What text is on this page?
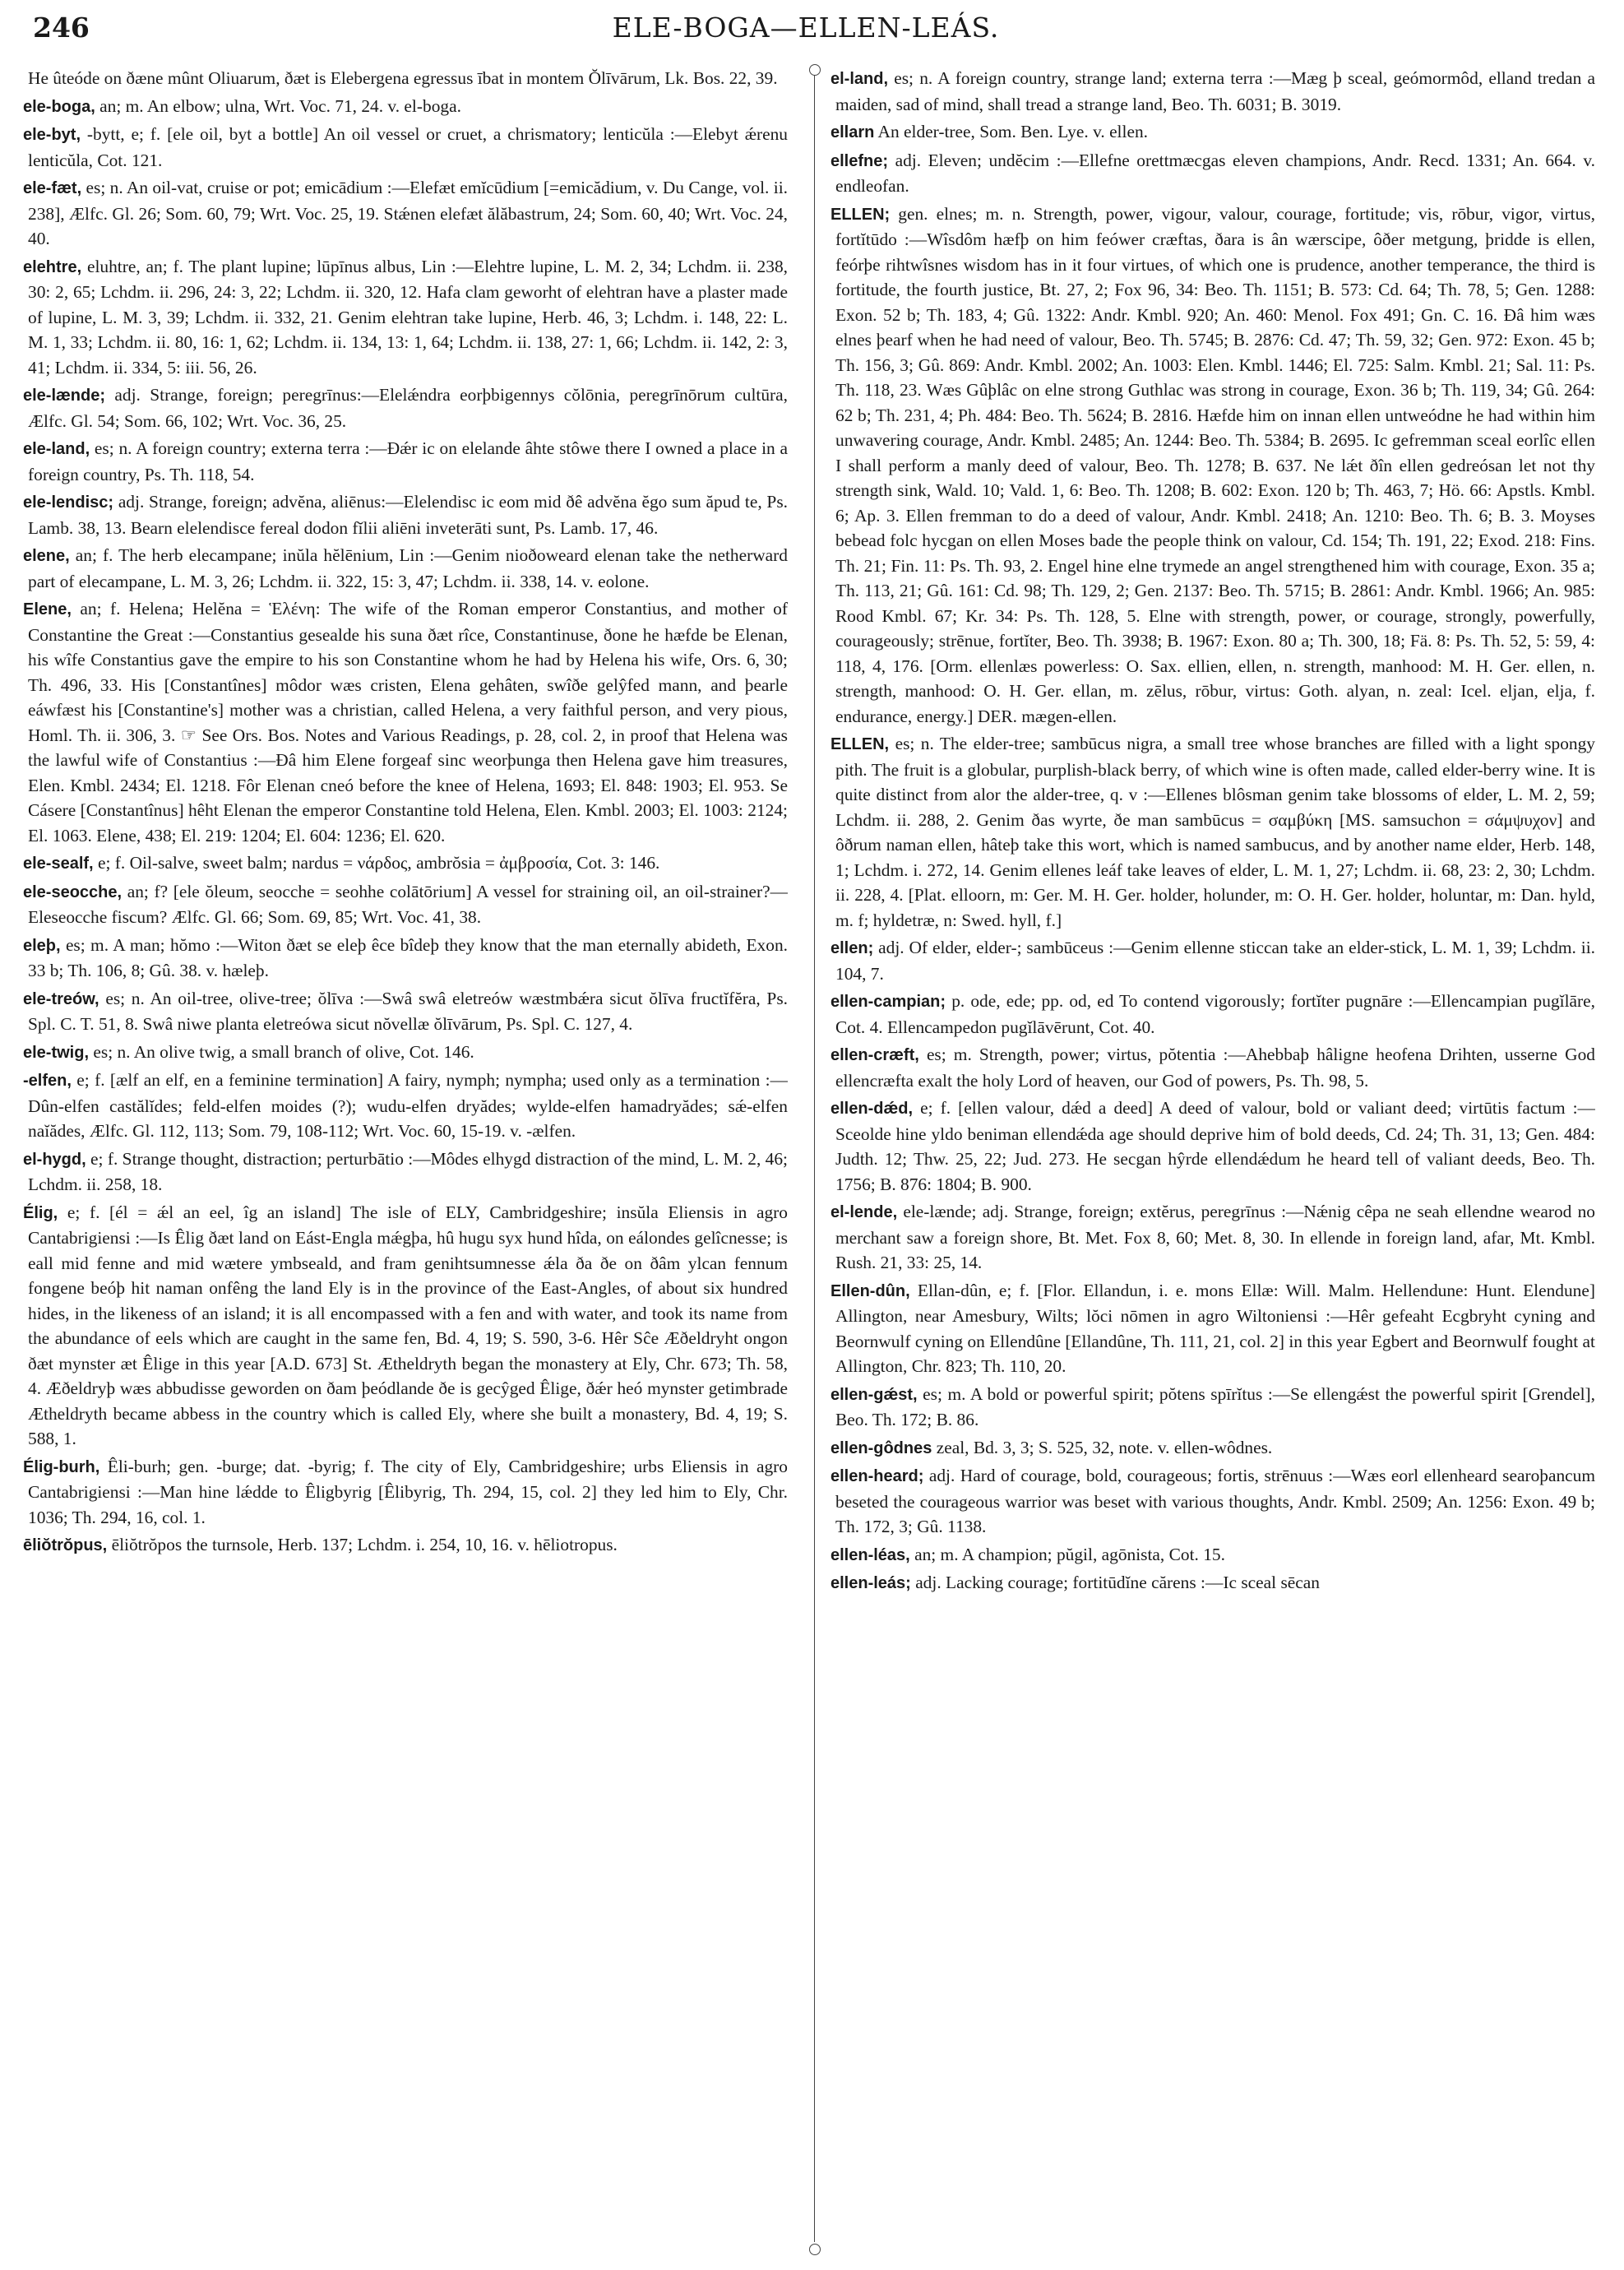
246	ELE-BOGA—ELLEN-LEÁS.

He ûteóde on ðæne mûnt Oliuarum, ðæt is Elebergena egressus ībat in montem Ŏlīvārum, Lk. Bos. 22, 39.

ele-boga, an; m. An elbow; ulna, Wrt. Voc. 71, 24. v. el-boga.

ele-byt, -bytt, e; f. [ele oil, byt a bottle] An oil vessel or cruet, a chrismatory; lenticŭla :—Elebyt ǽrenu lenticŭla, Cot. 121.

ele-fæt, es; n. An oil-vat, cruise or pot; emicādium :—Elefæt emĭcūdium [=emicădium, v. Du Cange, vol. ii. 238], Ælfc. Gl. 26; Som. 60, 79; Wrt. Voc. 25, 19. Stǽnen elefæt ălăbastrum, 24; Som. 60, 40; Wrt. Voc. 24, 40.

elehtre, eluhtre, an; f. The plant lupine; lūpīnus albus, Lin :—Elehtre lupine, L. M. 2, 34; Lchdm. ii. 238, 30: 2, 65; Lchdm. ii. 296, 24: 3, 22; Lchdm. ii. 320, 12. Hafa clam geworht of elehtran have a plaster made of lupine, L. M. 3, 39; Lchdm. ii. 332, 21. Genim elehtran take lupine, Herb. 46, 3; Lchdm. i. 148, 22: L. M. 1, 33; Lchdm. ii. 80, 16: 1, 62; Lchdm. ii. 134, 13: 1, 64; Lchdm. ii. 138, 27: 1, 66; Lchdm. ii. 142, 2: 3, 41; Lchdm. ii. 334, 5: iii. 56, 26.

ele-lænde; adj. Strange, foreign; peregrīnus:—Elelǽndra eorþbigennys cŏlōnia, peregrīnōrum cultūra, Ælfc. Gl. 54; Som. 66, 102; Wrt. Voc. 36, 25.

ele-land, es; n. A foreign country; externa terra :—Ðǽr ic on elelande âhte stôwe there I owned a place in a foreign country, Ps. Th. 118, 54.

ele-lendisc; adj. Strange, foreign; advĕna, aliēnus:—Elelendisc ic eom mid ðê advĕna ĕgo sum ăpud te, Ps. Lamb. 38, 13. Bearn elelendisce fereal dodon fĭlii aliēni inveterāti sunt, Ps. Lamb. 17, 46.

elene, an; f. The herb elecampane; inŭla hĕlēnium, Lin :—Genim nioðoweard elenan take the netherward part of elecampane, L. M. 3, 26; Lchdm. ii. 322, 15: 3, 47; Lchdm. ii. 338, 14. v. eolone.

Elene, an; f. Helena; Helĕna = Ἑλένη: The wife of the Roman emperor Constantius, and mother of Constantine the Great :—Constantius gesealde his suna ðæt rîce, Constantinuse, ðone he hæfde be Elenan, his wîfe Constantius gave the empire to his son Constantine whom he had by Helena his wife, Ors. 6, 30; Th. 496, 33. His [Constantînes] môdor wæs cristen, Elena gehâten, swîðe gelŷfed mann, and þearle eáwfæst his [Constantine's] mother was a christian, called Helena, a very faithful person, and very pious, Homl. Th. ii. 306, 3. ☞ See Ors. Bos. Notes and Various Readings, p. 28, col. 2, in proof that Helena was the lawful wife of Constantius :—Ðâ him Elene forgeaf sinc weorþunga then Helena gave him treasures, Elen. Kmbl. 2434; El. 1218. Fôr Elenan cneó before the knee of Helena, 1693; El. 848: 1903; El. 953. Se Cásere [Constantînus] hêht Elenan the emperor Constantine told Helena, Elen. Kmbl. 2003; El. 1003: 2124; El. 1063. Elene, 438; El. 219: 1204; El. 604: 1236; El. 620.

ele-sealf, e; f. Oil-salve, sweet balm; nardus = νάρδος, ambrŏsia = ἀμβροσία, Cot. 3: 146.

ele-seocche, an; f? [ele ŏleum, seocche = seohhe colātōrium] A vessel for straining oil, an oil-strainer?—Eleseocche fiscum? Ælfc. Gl. 66; Som. 69, 85; Wrt. Voc. 41, 38.

eleþ, es; m. A man; hŏmo :—Witon ðæt se eleþ êce bîdeþ they know that the man eternally abideth, Exon. 33 b; Th. 106, 8; Gû. 38. v. hæleþ.

ele-treów, es; n. An oil-tree, olive-tree; ŏlīva :—Swâ swâ eletreów wæstmbǽra sicut ŏlīva fructĭfĕra, Ps. Spl. C. T. 51, 8. Swâ niwe planta eletreówa sicut nŏvellæ ŏlīvārum, Ps. Spl. C. 127, 4.

ele-twig, es; n. An olive twig, a small branch of olive, Cot. 146.

-elfen, e; f. [ælf an elf, en a feminine termination] A fairy, nymph; nympha; used only as a termination :—Dûn-elfen castălĭdes; feld-elfen moides (?); wudu-elfen dryădes; wylde-elfen hamadryădes; sǽ-elfen naĭădes, Ælfc. Gl. 112, 113; Som. 79, 108-112; Wrt. Voc. 60, 15-19. v. -ælfen.

el-hygd, e; f. Strange thought, distraction; perturbātio :—Môdes elhygd distraction of the mind, L. M. 2, 46; Lchdm. ii. 258, 18.

Élig, e; f. [él = ǽl an eel, îg an island] The isle of ELY, Cambridgeshire; insŭla Eliensis in agro Cantabrigiensi :—Is Êlig ðæt land on Eást-Engla mǽgþa, hû hugu syx hund hîda, on eálondes gelîcnesse; is eall mid fenne and mid wætere ymbseald, and fram genihtsumnesse ǽla ða ðe on ðâm ylcan fennum fongene beóþ hit naman onfêng the land Ely is in the province of the East-Angles, of about six hundred hides, in the likeness of an island; it is all encompassed with a fen and with water, and took its name from the abundance of eels which are caught in the same fen, Bd. 4, 19; S. 590, 3-6. Hêr Sĉe Æðeldryht ongon ðæt mynster æt Êlige in this year [A.D. 673] St. Ætheldryth began the monastery at Ely, Chr. 673; Th. 58, 4. Æðeldryþ wæs abbudisse geworden on ðam þeódlande ðe is gecŷged Êlige, ðǽr heó mynster getimbrade Ætheldryth became abbess in the country which is called Ely, where she built a monastery, Bd. 4, 19; S. 588, 1.

Élig-burh, Êli-burh; gen. -burge; dat. -byrig; f. The city of Ely, Cambridgeshire; urbs Eliensis in agro Cantabrigiensi :—Man hine lǽdde to Êligbyrig [Êlibyrig, Th. 294, 15, col. 2] they led him to Ely, Chr. 1036; Th. 294, 16, col. 1.

ēliŏtrŏpus, ēliŏtrŏpos the turnsole, Herb. 137; Lchdm. i. 254, 10, 16. v. hēliotropus.

el-land, es; n. A foreign country, strange land; externa terra :—Mæg þ sceal, geómormôd, elland tredan a maiden, sad of mind, shall tread a strange land, Beo. Th. 6031; B. 3019.

ellarn An elder-tree, Som. Ben. Lye. v. ellen.

ellefne; adj. Eleven; undĕcim :—Ellefne orettmæcgas eleven champions, Andr. Recd. 1331; An. 664. v. endleofan.

ELLEN; gen. elnes; m. n. Strength, power, vigour, valour, courage, fortitude; vis, rōbur, vigor, virtus, fortĭtūdo :—Wîsdôm hæfþ on him feówer cræftas, ðara is ân wærscipe, ôðer metgung, þridde is ellen, feórþe rihtwîsnes wisdom has in it four virtues, of which one is prudence, another temperance, the third is fortitude, the fourth justice, Bt. 27, 2; Fox 96, 34: Beo. Th. 1151; B. 573: Cd. 64; Th. 78, 5; Gen. 1288: Exon. 52 b; Th. 183, 4; Gû. 1322: Andr. Kmbl. 920; An. 460: Menol. Fox 491; Gn. C. 16. Ðâ him wæs elnes þearf when he had need of valour, Beo. Th. 5745; B. 2876: Cd. 47; Th. 59, 32; Gen. 972: Exon. 45 b; Th. 156, 3; Gû. 869: Andr. Kmbl. 2002; An. 1003: Elen. Kmbl. 1446; El. 725: Salm. Kmbl. 21; Sal. 11: Ps. Th. 118, 23. Wæs Gûþlâc on elne strong Guthlac was strong in courage, Exon. 36 b; Th. 119, 34; Gû. 264: 62 b; Th. 231, 4; Ph. 484: Beo. Th. 5624; B. 2816. Hæfde him on innan ellen untweódne he had within him unwavering courage, Andr. Kmbl. 2485; An. 1244: Beo. Th. 5384; B. 2695. Ic gefremman sceal eorlîc ellen I shall perform a manly deed of valour, Beo. Th. 1278; B. 637. Ne lǽt ðîn ellen gedreósan let not thy strength sink, Wald. 10; Vald. 1, 6: Beo. Th. 1208; B. 602: Exon. 120 b; Th. 463, 7; Hö. 66: Apstls. Kmbl. 6; Ap. 3. Ellen fremman to do a deed of valour, Andr. Kmbl. 2418; An. 1210: Beo. Th. 6; B. 3. Moyses bebead folc hycgan on ellen Moses bade the people think on valour, Cd. 154; Th. 191, 22; Exod. 218: Fins. Th. 21; Fin. 11: Ps. Th. 93, 2. Engel hine elne trymede an angel strengthened him with courage, Exon. 35 a; Th. 113, 21; Gû. 161: Cd. 98; Th. 129, 2; Gen. 2137: Beo. Th. 5715; B. 2861: Andr. Kmbl. 1966; An. 985: Rood Kmbl. 67; Kr. 34: Ps. Th. 128, 5. Elne with strength, power, or courage, strongly, powerfully, courageously; strēnue, fortĭter, Beo. Th. 3938; B. 1967: Exon. 80 a; Th. 300, 18; Fä. 8: Ps. Th. 52, 5: 59, 4: 118, 4, 176. [Orm. ellenlæs powerless: O. Sax. ellien, ellen, n. strength, manhood: M. H. Ger. ellen, n. strength, manhood: O. H. Ger. ellan, m. zēlus, rōbur, virtus: Goth. alyan, n. zeal: Icel. eljan, elja, f. endurance, energy.] DER. mægen-ellen.

ELLEN, es; n. The elder-tree; sambūcus nigra, a small tree whose branches are filled with a light spongy pith. The fruit is a globular, purplish-black berry, of which wine is often made, called elder-berry wine. It is quite distinct from alor the alder-tree, q. v :—Ellenes blôsman genim take blossoms of elder, L. M. 2, 59; Lchdm. ii. 288, 2. Genim ðas wyrte, ðe man sambūcus = σαμβύκη [MS. samsuchon = σάμψυχον] and ôðrum naman ellen, hâteþ take this wort, which is named sambucus, and by another name elder, Herb. 148, 1; Lchdm. i. 272, 14. Genim ellenes leáf take leaves of elder, L. M. 1, 27; Lchdm. ii. 68, 23: 2, 30; Lchdm. ii. 228, 4. [Plat. elloorn, m: Ger. M. H. Ger. holder, holunder, m: O. H. Ger. holder, holuntar, m: Dan. hyld, m. f; hyldetræ, n: Swed. hyll, f.]

ellen; adj. Of elder, elder-; sambūceus :—Genim ellenne sticcan take an elder-stick, L. M. 1, 39; Lchdm. ii. 104, 7.

ellen-campian; p. ode, ede; pp. od, ed To contend vigorously; fortĭter pugnāre :—Ellencampian pugĭlāre, Cot. 4. Ellencampedon pugĭlāvērunt, Cot. 40.

ellen-cræft, es; m. Strength, power; virtus, pŏtentia :—Ahebbaþ hâligne heofena Drihten, usserne God ellencræfta exalt the holy Lord of heaven, our God of powers, Ps. Th. 98, 5.

ellen-dǽd, e; f. [ellen valour, dǽd a deed] A deed of valour, bold or valiant deed; virtūtis factum :—Sceolde hine yldo beniman ellendǽda age should deprive him of bold deeds, Cd. 24; Th. 31, 13; Gen. 484: Judth. 12; Thw. 25, 22; Jud. 273. He secgan hŷrde ellendǽdum he heard tell of valiant deeds, Beo. Th. 1756; B. 876: 1804; B. 900.

el-lende, ele-lænde; adj. Strange, foreign; extĕrus, peregrīnus :—Nǽnig cêpa ne seah ellendne wearod no merchant saw a foreign shore, Bt. Met. Fox 8, 60; Met. 8, 30. In ellende in foreign land, afar, Mt. Kmbl. Rush. 21, 33: 25, 14.

Ellen-dûn, Ellan-dûn, e; f. [Flor. Ellandun, i. e. mons Ellæ: Will. Malm. Hellendune: Hunt. Elendune] Allington, near Amesbury, Wilts; lŏci nōmen in agro Wiltoniensi :—Hêr gefeaht Ecgbryht cyning and Beornwulf cyning on Ellendûne [Ellandûne, Th. 111, 21, col. 2] in this year Egbert and Beornwulf fought at Allington, Chr. 823; Th. 110, 20.

ellen-gǽst, es; m. A bold or powerful spirit; pŏtens spīrĭtus :—Se ellengǽst the powerful spirit [Grendel], Beo. Th. 172; B. 86.

ellen-gôdnes zeal, Bd. 3, 3; S. 525, 32, note. v. ellen-wôdnes.

ellen-heard; adj. Hard of courage, bold, courageous; fortis, strēnuus :—Wæs eorl ellenheard searoþancum beseted the courageous warrior was beset with various thoughts, Andr. Kmbl. 2509; An. 1256: Exon. 49 b; Th. 172, 3; Gû. 1138.

ellen-léas, an; m. A champion; pŭgil, agōnista, Cot. 15.

ellen-leás; adj. Lacking courage; fortitūdĭne cărens :—Ic sceal sēcan
